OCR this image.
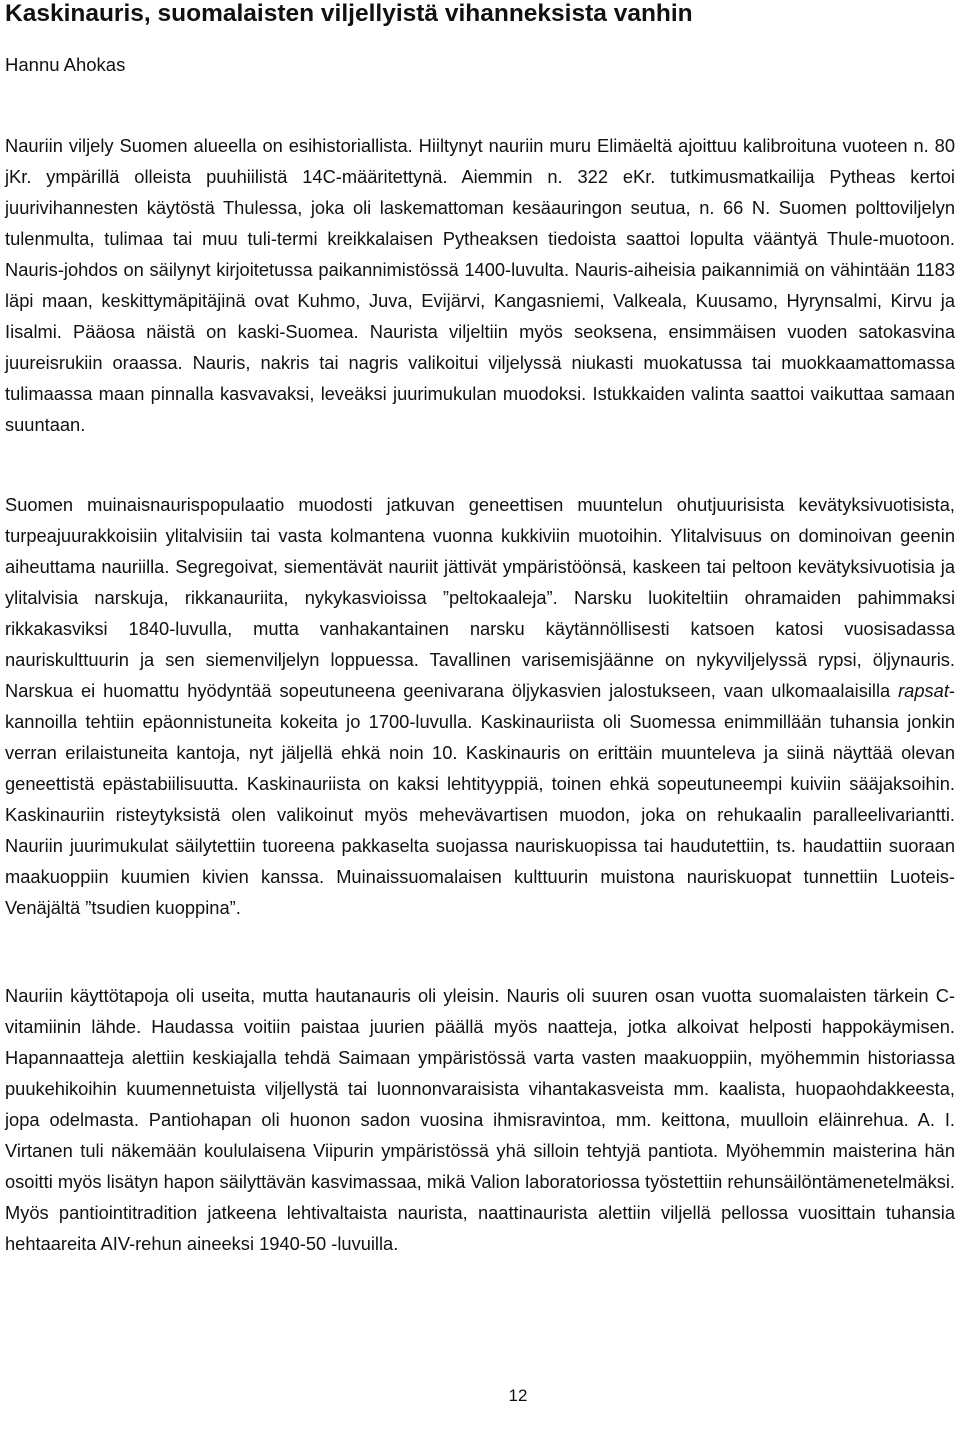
Kaskinauris, suomalaisten viljellyistä vihanneksista vanhin
Hannu Ahokas

Nauriin viljely Suomen alueella on esihistoriallista. Hiiltynyt nauriin muru Elimäeltä ajoittuu kalibroituna vuoteen n. 80 jKr. ympärillä olleista puuhiilistä 14C-määritettynä. Aiemmin n. 322 eKr. tutkimusmatkailija Pytheas kertoi juurivihannesten käytöstä Thulessa, joka oli laskemattoman kesäauringon seutua, n. 66 N. Suomen polttoviljelyn tulenmulta, tulimaa tai muu tuli-termi kreikkalaisen Pytheaksen tiedoista saattoi lopulta vääntyä Thule-muotoon. Nauris-johdos on säilynyt kirjoitetussa paikannimistössä 1400-luvulta. Nauris-aiheisia paikannimiä on vähintään 1183 läpi maan, keskittymäpitäjinä ovat Kuhmo, Juva, Evijärvi, Kangasniemi, Valkeala, Kuusamo, Hyrynsalmi, Kirvu ja Iisalmi. Pääosa näistä on kaski-Suomea. Naurista viljeltiin myös seoksena, ensimmäisen vuoden satokasvina juureisrukiin oraassa. Nauris, nakris tai nagris valikoitui viljelyssä niukasti muokatussa tai muokkaamattomassa tulimaassa maan pinnalla kasvavaksi, leveäksi juurimukulan muodoksi. Istukkaiden valinta saattoi vaikuttaa samaan suuntaan.

Suomen muinaisnaurispopulaatio muodosti jatkuvan geneettisen muuntelun ohutjuurisista kevätyksivuotisista, turpeajuurakkoisiin ylitalvisiin tai vasta kolmantena vuonna kukkiviin muotoihin. Ylitalvisuus on dominoivan geenin aiheuttama nauriilla. Segregoivat, siementävät nauriit jättivät ympäristöönsä, kaskeen tai peltoon kevätyksivuotisia ja ylitalvisia narskuja, rikkanauriita, nykykasvioissa ”peltokaaleja”. Narsku luokiteltiin ohramaiden pahimmaksi rikkakasviksi 1840-luvulla, mutta vanhakantainen narsku käytännöllisesti katsoen katosi vuosisadassa nauriskulttuurin ja sen siemenviljelyn loppuessa. Tavallinen varisemisjäänne on nykyviljelyssä rypsi, öljynauris. Narskua ei huomattu hyödyntää sopeutuneena geenivarana öljykasvien jalostukseen, vaan ulkomaalaisilla rapsat-kannoilla tehtiin epäonnistuneita kokeita jo 1700-luvulla. Kaskinauriista oli Suomessa enimmillään tuhansia jonkin verran erilaistuneita kantoja, nyt jäljellä ehkä noin 10. Kaskinauris on erittäin muunteleva ja siinä näyttää olevan geneettistä epästabiilisuutta. Kaskinauriista on kaksi lehtityyppiä, toinen ehkä sopeutuneempi kuiviin sääjaksoihin. Kaskinauriin risteytyksistä olen valikoinut myös mehevävartisen muodon, joka on rehukaalin paralleelivariantti. Nauriin juurimukulat säilytettiin tuoreena pakkaselta suojassa nauriskuopissa tai haudutettiin, ts. haudattiin suoraan maakuoppiin kuumien kivien kanssa. Muinaissuomalaisen kulttuurin muistona nauriskuopat tunnettiin Luoteis-Venäjältä ”tsudien kuoppina”.

Nauriin käyttötapoja oli useita, mutta hautanauris oli yleisin. Nauris oli suuren osan vuotta suomalaisten tärkein C-vitamiinin lähde. Haudassa voitiin paistaa juurien päällä myös naatteja, jotka alkoivat helposti happokäymisen. Hapannaatteja alettiin keskiajalla tehdä Saimaan ympäristössä varta vasten maakuoppiin, myöhemmin historiassa puukehikoihin kuumennetuista viljellystä tai luonnonvaraisista vihantakasveista mm. kaalista, huopaohdakkeesta, jopa odelmasta. Pantiohapan oli huonon sadon vuosina ihmisravintoa, mm. keittona, muulloin eläinrehua. A. I. Virtanen tuli näkemään koululaisena Viipurin ympäristössä yhä silloin tehtyjä pantiota. Myöhemmin maisterina hän osoitti myös lisätyn hapon säilyttävän kasvimassaa, mikä Valion laboratoriossa työstettiin rehunsäilöntämenetelmäksi. Myös pantiointitradition jatkeena lehtivaltaista naurista, naattinaurista alettiin viljellä pellossa vuosittain tuhansia hehtaareita AIV-rehun aineeksi 1940-50 -luvuilla.

12
